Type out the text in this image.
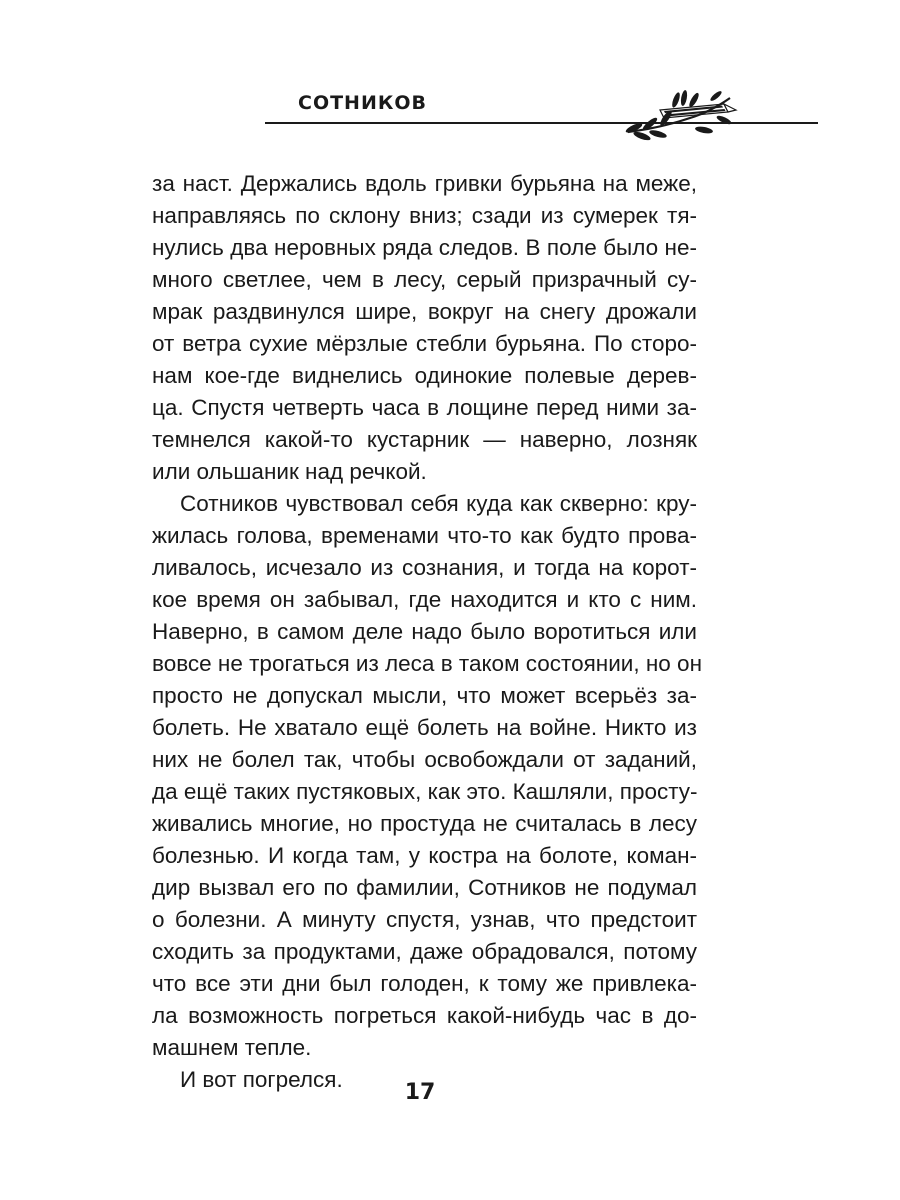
СОТНИКОВ
за наст. Держались вдоль гривки бурьяна на меже,
направляясь по склону вниз; сзади из сумерек тя-
нулись два неровных ряда следов. В поле было не-
много светлее, чем в лесу, серый призрачный су-
мрак раздвинулся шире, вокруг на снегу дрожали
от ветра сухие мёрзлые стебли бурьяна. По сторо-
нам кое-где виднелись одинокие полевые дерев-
ца. Спустя четверть часа в лощине перед ними за-
темнелся какой-то кустарник — наверно, лозняк
или ольшаник над речкой.
Сотников чувствовал себя куда как скверно: кру-
жилась голова, временами что-то как будто прова-
ливалось, исчезало из сознания, и тогда на корот-
кое время он забывал, где находится и кто с ним.
Наверно, в самом деле надо было воротиться или
вовсе не трогаться из леса в таком состоянии, но он
просто не допускал мысли, что может всерьёз за-
болеть. Не хватало ещё болеть на войне. Никто из
них не болел так, чтобы освобождали от заданий,
да ещё таких пустяковых, как это. Кашляли, просту-
живались многие, но простуда не считалась в лесу
болезнью. И когда там, у костра на болоте, коман-
дир вызвал его по фамилии, Сотников не подумал
о болезни. А минуту спустя, узнав, что предстоит
сходить за продуктами, даже обрадовался, потому
что все эти дни был голоден, к тому же привлека-
ла возможность погреться какой-нибудь час в до-
машнем тепле.
И вот погрелся.
17
